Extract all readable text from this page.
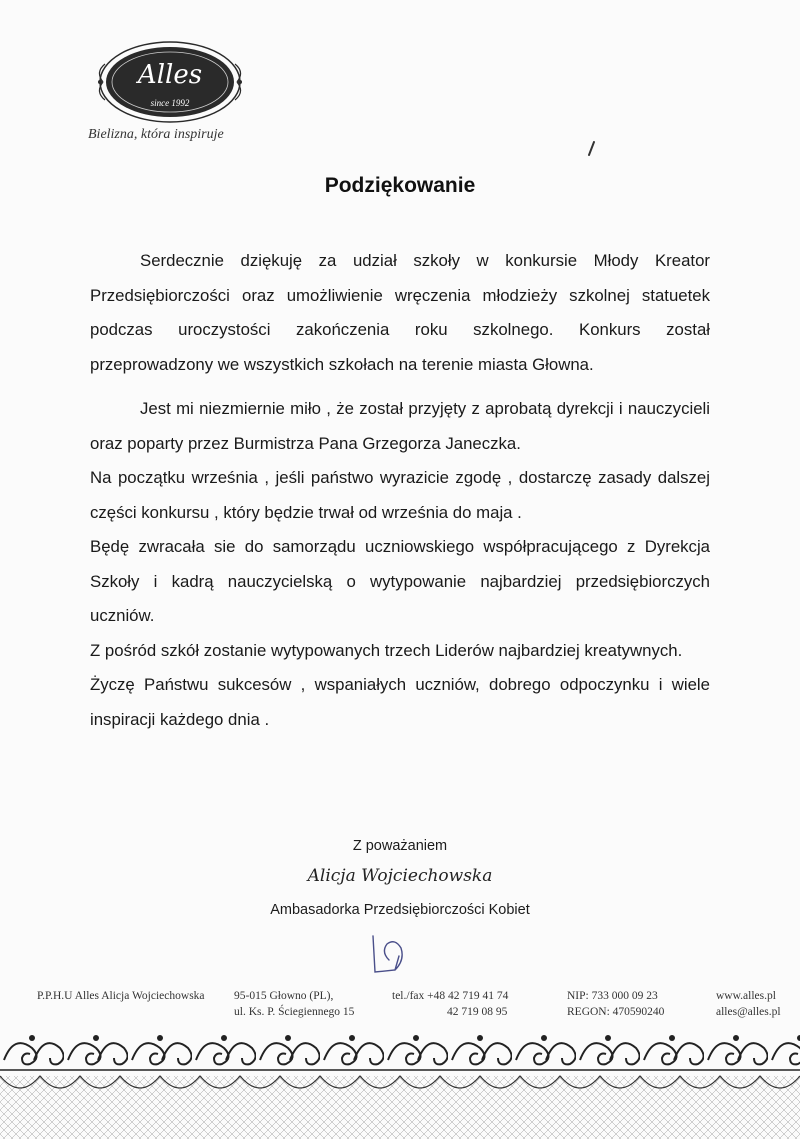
Alles
since 1992
Bielizna, która inspiruje
Podziękowanie

Serdecznie dziękuję za udział szkoły w konkursie Młody Kreator Przedsiębiorczości oraz umożliwienie wręczenia młodzieży szkolnej statuetek podczas uroczystości zakończenia roku szkolnego. Konkurs został przeprowadzony we wszystkich szkołach na terenie miasta Głowna.

Jest mi niezmiernie miło , że został przyjęty z aprobatą dyrekcji i nauczycieli oraz poparty przez Burmistrza Pana Grzegorza Janeczka.

Na początku września , jeśli państwo wyrazicie zgodę , dostarczę zasady dalszej części konkursu , który będzie trwał od września do maja .

Będę zwracała sie do samorządu uczniowskiego współpracującego z Dyrekcja Szkoły i kadrą nauczycielską o wytypowanie najbardziej przedsiębiorczych uczniów.

Z pośród szkół zostanie wytypowanych trzech Liderów najbardziej kreatywnych.

Życzę Państwu sukcesów , wspaniałych uczniów, dobrego odpoczynku i wiele inspiracji każdego dnia .

Z poważaniem
Alicja Wojciechowska
Ambasadorka Przedsiębiorczości Kobiet
P.P.H.U Alles Alicja Wojciechowska	95-015 Głowno (PL),
ul. Ks. P. Ściegiennego 15
tel./fax +48 42 719 41 74
42 719 08 95
NIP: 733 000 09 23
REGON: 470590240
www.alles.pl
alles@alles.pl
